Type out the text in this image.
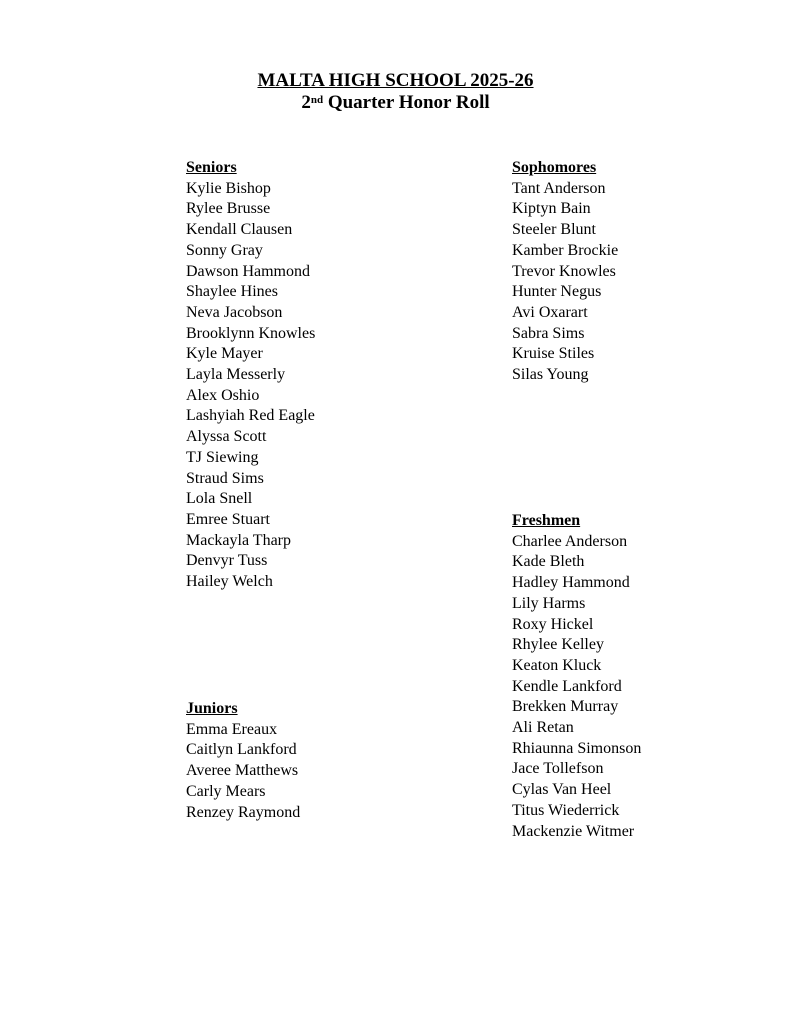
MALTA HIGH SCHOOL 2025-26
2nd Quarter Honor Roll
Seniors
Kylie Bishop
Rylee Brusse
Kendall Clausen
Sonny Gray
Dawson Hammond
Shaylee Hines
Neva Jacobson
Brooklynn Knowles
Kyle Mayer
Layla Messerly
Alex Oshio
Lashyiah Red Eagle
Alyssa Scott
TJ Siewing
Straud Sims
Lola Snell
Emree Stuart
Mackayla Tharp
Denvyr Tuss
Hailey Welch
Juniors
Emma Ereaux
Caitlyn Lankford
Averee Matthews
Carly Mears
Renzey Raymond
Sophomores
Tant Anderson
Kiptyn Bain
Steeler Blunt
Kamber Brockie
Trevor Knowles
Hunter Negus
Avi Oxarart
Sabra Sims
Kruise Stiles
Silas Young
Freshmen
Charlee Anderson
Kade Bleth
Hadley Hammond
Lily Harms
Roxy Hickel
Rhylee Kelley
Keaton Kluck
Kendle Lankford
Brekken Murray
Ali Retan
Rhiaunna Simonson
Jace Tollefson
Cylas Van Heel
Titus Wiederrick
Mackenzie Witmer
